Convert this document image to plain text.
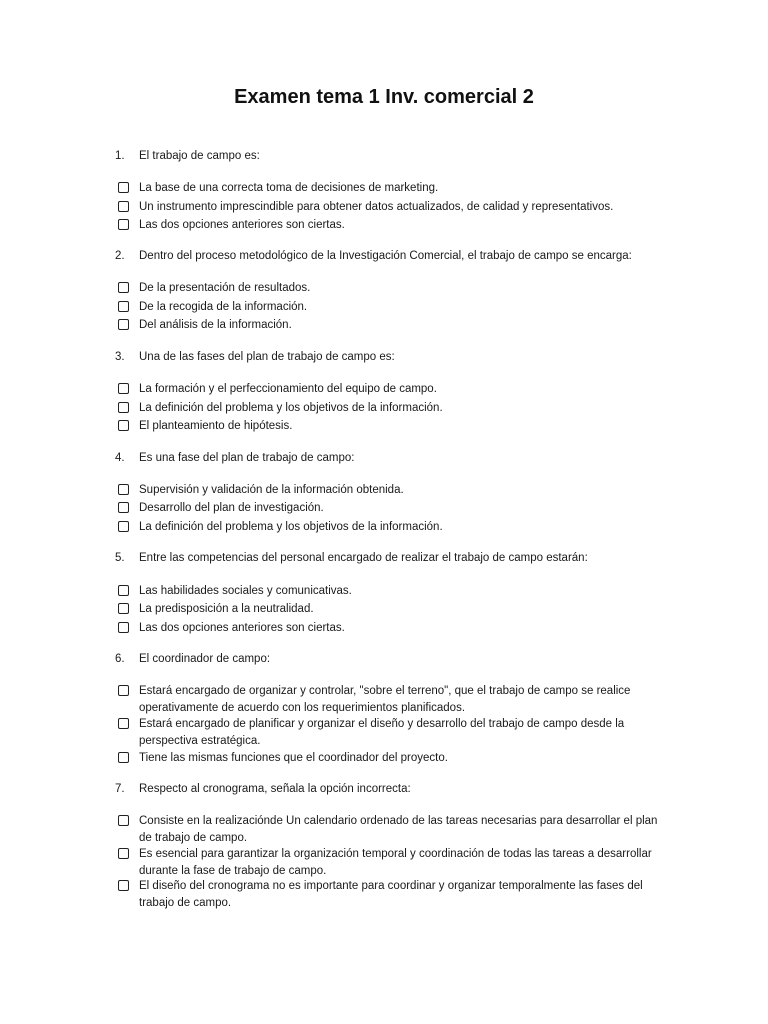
Examen tema 1 Inv. comercial 2
1. El trabajo de campo es:
La base de una correcta toma de decisiones de marketing.
Un instrumento imprescindible para obtener datos actualizados, de calidad y representativos.
Las dos opciones anteriores son ciertas.
2. Dentro del proceso metodológico de la Investigación Comercial, el trabajo de campo se encarga:
De la presentación de resultados.
De la recogida de la información.
Del análisis de la información.
3. Una de las fases del plan de trabajo de campo es:
La formación y el perfeccionamiento del equipo de campo.
La definición del problema y los objetivos de la información.
El planteamiento de hipótesis.
4. Es una fase del plan de trabajo de campo:
Supervisión y validación de la información obtenida.
Desarrollo del plan de investigación.
La definición del problema y los objetivos de la información.
5. Entre las competencias del personal encargado de realizar el trabajo de campo estarán:
Las habilidades sociales y comunicativas.
La predisposición a la neutralidad.
Las dos opciones anteriores son ciertas.
6. El coordinador de campo:
Estará encargado de organizar y controlar, "sobre el terreno", que el trabajo de campo se realice operativamente de acuerdo con los requerimientos planificados.
Estará encargado de planificar y organizar el diseño y desarrollo del trabajo de campo desde la perspectiva estratégica.
Tiene las mismas funciones que el coordinador del proyecto.
7. Respecto al cronograma, señala la opción incorrecta:
Consiste en la realizaciónde Un calendario ordenado de las tareas necesarias para desarrollar el plan de trabajo de campo.
Es esencial para garantizar la organización temporal y coordinación de todas las tareas a desarrollar durante la fase de trabajo de campo.
El diseño del cronograma no es importante para coordinar y organizar temporalmente las fases del trabajo de campo.
